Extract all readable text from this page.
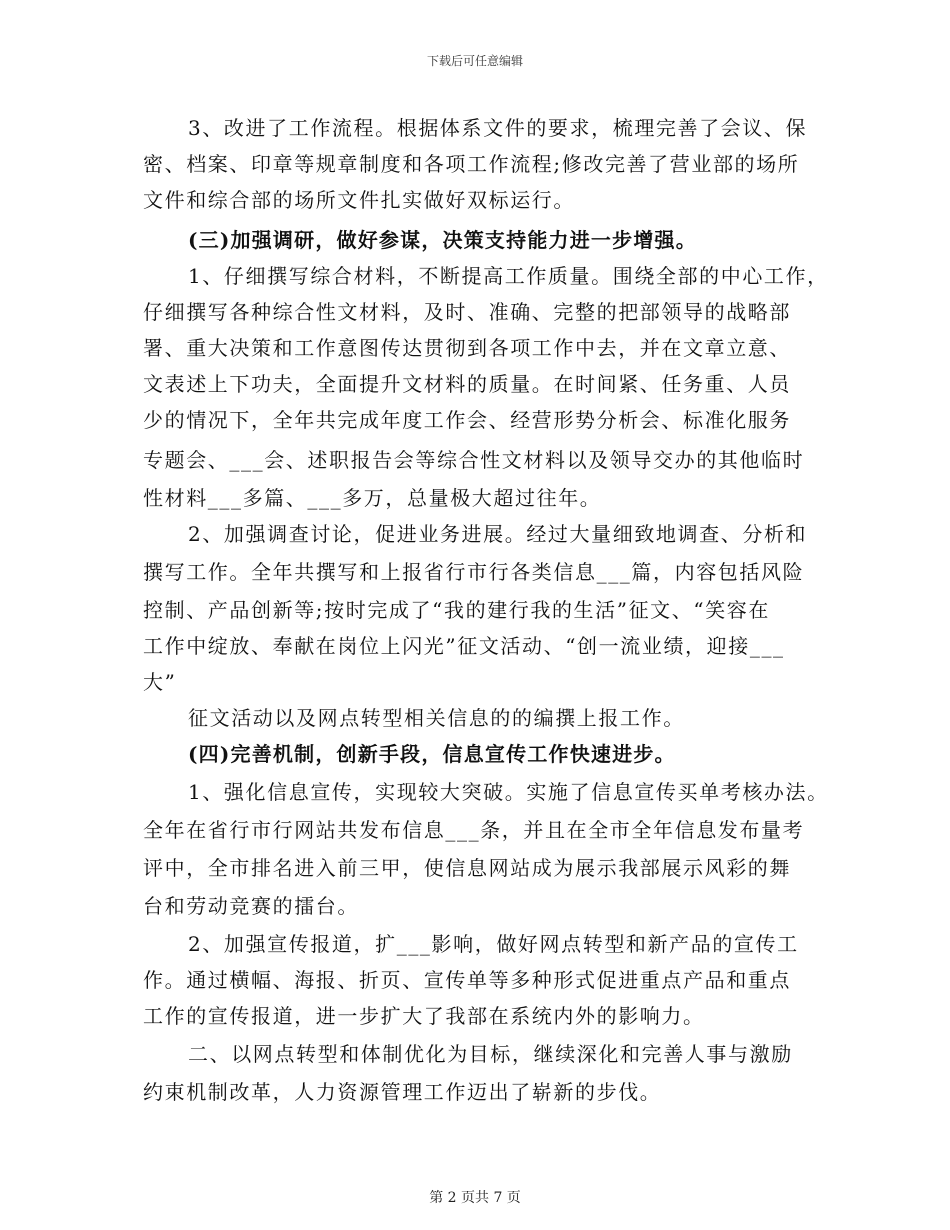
下载后可任意编辑
3、改进了工作流程。根据体系文件的要求，梳理完善了会议、保
密、档案、印章等规章制度和各项工作流程;修改完善了营业部的场所
文件和综合部的场所文件扎实做好双标运行。
(三)加强调研，做好参谋，决策支持能力进一步增强。
1、仔细撰写综合材料，不断提高工作质量。围绕全部的中心工作，
仔细撰写各种综合性文材料，及时、准确、完整的把部领导的战略部
署、重大决策和工作意图传达贯彻到各项工作中去，并在文章立意、
文表述上下功夫，全面提升文材料的质量。在时间紧、任务重、人员
少的情况下，全年共完成年度工作会、经营形势分析会、标准化服务
专题会、___会、述职报告会等综合性文材料以及领导交办的其他临时
性材料___多篇、___多万，总量极大超过往年。
2、加强调查讨论，促进业务进展。经过大量细致地调查、分析和
撰写工作。全年共撰写和上报省行市行各类信息___篇，内容包括风险
控制、产品创新等;按时完成了“我的建行我的生活”征文、“笑容在
工作中绽放、奉献在岗位上闪光”征文活动、“创一流业绩，迎接___
大”
征文活动以及网点转型相关信息的的编撰上报工作。
(四)完善机制，创新手段，信息宣传工作快速进步。
1、强化信息宣传，实现较大突破。实施了信息宣传买单考核办法。
全年在省行市行网站共发布信息___条，并且在全市全年信息发布量考
评中，全市排名进入前三甲，使信息网站成为展示我部展示风彩的舞
台和劳动竞赛的擂台。
2、加强宣传报道，扩___影响，做好网点转型和新产品的宣传工
作。通过横幅、海报、折页、宣传单等多种形式促进重点产品和重点
工作的宣传报道，进一步扩大了我部在系统内外的影响力。
二、以网点转型和体制优化为目标，继续深化和完善人事与激励
约束机制改革，人力资源管理工作迈出了崭新的步伐。
第 2 页共 7 页
